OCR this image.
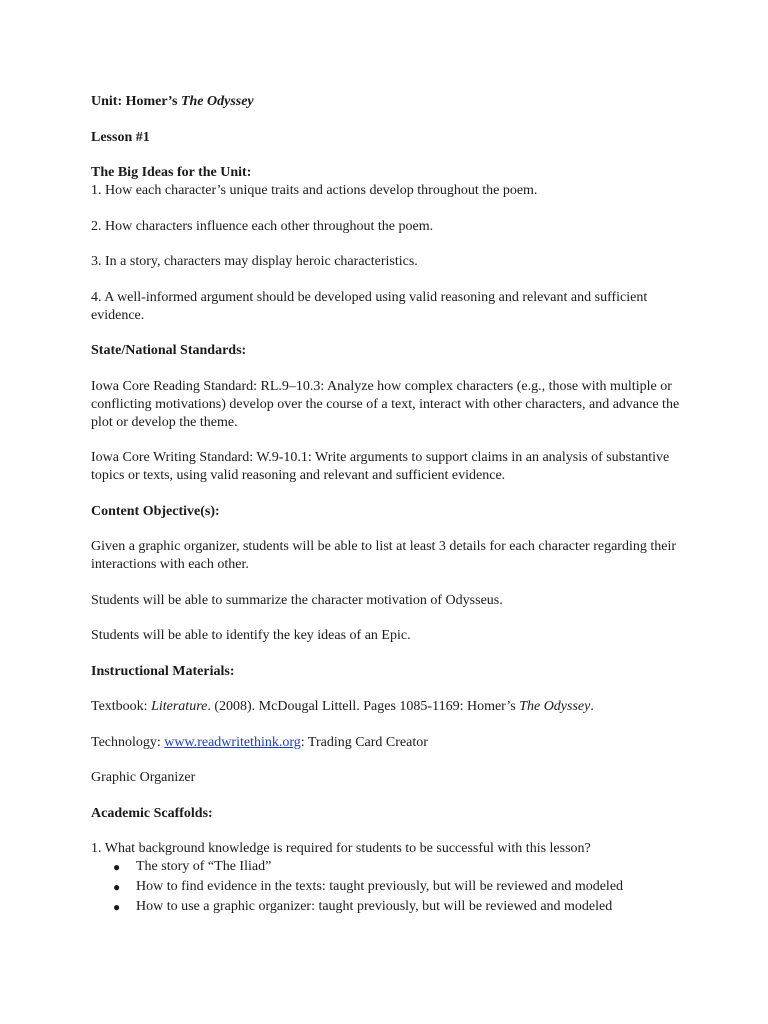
Unit: Homer’s The Odyssey

Lesson #1

The Big Ideas for the Unit:

1. How each character’s unique traits and actions develop throughout the poem.

2. How characters influence each other throughout the poem.

3. In a story, characters may display heroic characteristics.

4. A well-informed argument should be developed using valid reasoning and relevant and sufficient evidence.

State/National Standards:

Iowa Core Reading Standard: RL.9–10.3: Analyze how complex characters (e.g., those with multiple or conflicting motivations) develop over the course of a text, interact with other characters, and advance the plot or develop the theme.

Iowa Core Writing Standard: W.9-10.1: Write arguments to support claims in an analysis of substantive topics or texts, using valid reasoning and relevant and sufficient evidence.

Content Objective(s):

Given a graphic organizer, students will be able to list at least 3 details for each character regarding their interactions with each other.

Students will be able to summarize the character motivation of Odysseus.

Students will be able to identify the key ideas of an Epic.

Instructional Materials:

Textbook: Literature. (2008). McDougal Littell. Pages 1085-1169: Homer’s The Odyssey.

Technology: www.readwritethink.org: Trading Card Creator

Graphic Organizer

Academic Scaffolds:

1. What background knowledge is required for students to be successful with this lesson?

● The story of “The Iliad”
● How to find evidence in the texts: taught previously, but will be reviewed and modeled
● How to use a graphic organizer: taught previously, but will be reviewed and modeled
